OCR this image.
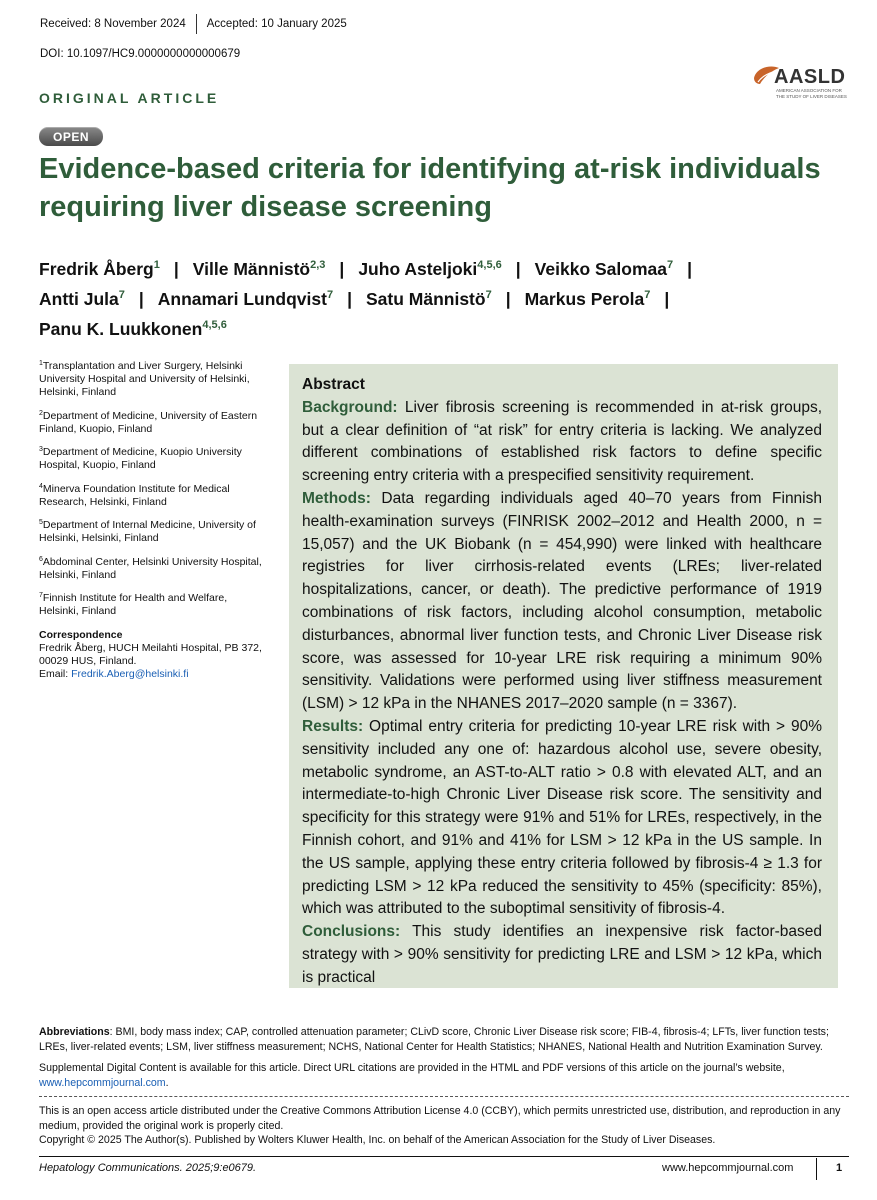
Received: 8 November 2024 Accepted: 10 January 2025
DOI: 10.1097/HC9.0000000000000679
AASLD
AMERICAN ASSOCIATION FOR THE STUDY OF LIVER DISEASES
ORIGINAL ARTICLE
OPEN
Evidence-based criteria for identifying at-risk individuals requiring liver disease screening
Fredrik Åberg$^1$ | Ville Männistö$^{2,3}$ | Juho Asteljoki$^{4,5,6}$ | Veikko Salomaa$^7$ |
Antti Jula$^7$ | Annamari Lundqvist$^7$ | Satu Männistö$^7$ | Markus Perola$^7$ |
Panu K. Luukkonen$^{4,5,6}$

$^1$Transplantation and Liver Surgery, Helsinki University Hospital and University of Helsinki, Helsinki, Finland

$^2$Department of Medicine, University of Eastern Finland, Kuopio, Finland

$^3$Department of Medicine, Kuopio University Hospital, Kuopio, Finland

$^4$Minerva Foundation Institute for Medical Research, Helsinki, Finland

$^5$Department of Internal Medicine, University of Helsinki, Helsinki, Finland

$^6$Abdominal Center, Helsinki University Hospital, Helsinki, Finland

$^7$Finnish Institute for Health and Welfare, Helsinki, Finland

Correspondence

Fredrik Åberg, HUCH Meilahti Hospital, PB 372, 00029 HUS, Finland.
Email: Fredrik.Aberg@helsinki.fi

Abstract

Background: Liver fibrosis screening is recommended in at-risk groups, but a clear definition of “at risk” for entry criteria is lacking. We analyzed different combinations of established risk factors to define specific screening entry criteria with a prespecified sensitivity requirement.

Methods: Data regarding individuals aged 40–70 years from Finnish health-examination surveys (FINRISK 2002–2012 and Health 2000, n = 15,057) and the UK Biobank (n = 454,990) were linked with healthcare registries for liver cirrhosis-related events (LREs; liver-related hospitalizations, cancer, or death). The predictive performance of 1919 combinations of risk factors, including alcohol consumption, metabolic disturbances, abnormal liver function tests, and Chronic Liver Disease risk score, was assessed for 10-year LRE risk requiring a minimum 90% sensitivity. Validations were performed using liver stiffness measurement (LSM) > 12 kPa in the NHANES 2017–2020 sample (n = 3367).

Results: Optimal entry criteria for predicting 10-year LRE risk with > 90% sensitivity included any one of: hazardous alcohol use, severe obesity, metabolic syndrome, an AST-to-ALT ratio > 0.8 with elevated ALT, and an intermediate-to-high Chronic Liver Disease risk score. The sensitivity and specificity for this strategy were 91% and 51% for LREs, respectively, in the Finnish cohort, and 91% and 41% for LSM > 12 kPa in the US sample. In the US sample, applying these entry criteria followed by fibrosis-4 ≥ 1.3 for predicting LSM > 12 kPa reduced the sensitivity to 45% (specificity: 85%), which was attributed to the suboptimal sensitivity of fibrosis-4.

Conclusions: This study identifies an inexpensive risk factor-based strategy with > 90% sensitivity for predicting LRE and LSM > 12 kPa, which is practical

Abbreviations: BMI, body mass index; CAP, controlled attenuation parameter; CLivD score, Chronic Liver Disease risk score; FIB-4, fibrosis-4; LFTs, liver function tests; LREs, liver-related events; LSM, liver stiffness measurement; NCHS, National Center for Health Statistics; NHANES, National Health and Nutrition Examination Survey.

Supplemental Digital Content is available for this article. Direct URL citations are provided in the HTML and PDF versions of this article on the journal’s website, www.hepcommjournal.com.

This is an open access article distributed under the Creative Commons Attribution License 4.0 (CCBY), which permits unrestricted use, distribution, and reproduction in any medium, provided the original work is properly cited.

Copyright © 2025 The Author(s). Published by Wolters Kluwer Health, Inc. on behalf of the American Association for the Study of Liver Diseases.

Hepatology Communications. 2025;9:e0679.	www.hepcommjournal.com	1
